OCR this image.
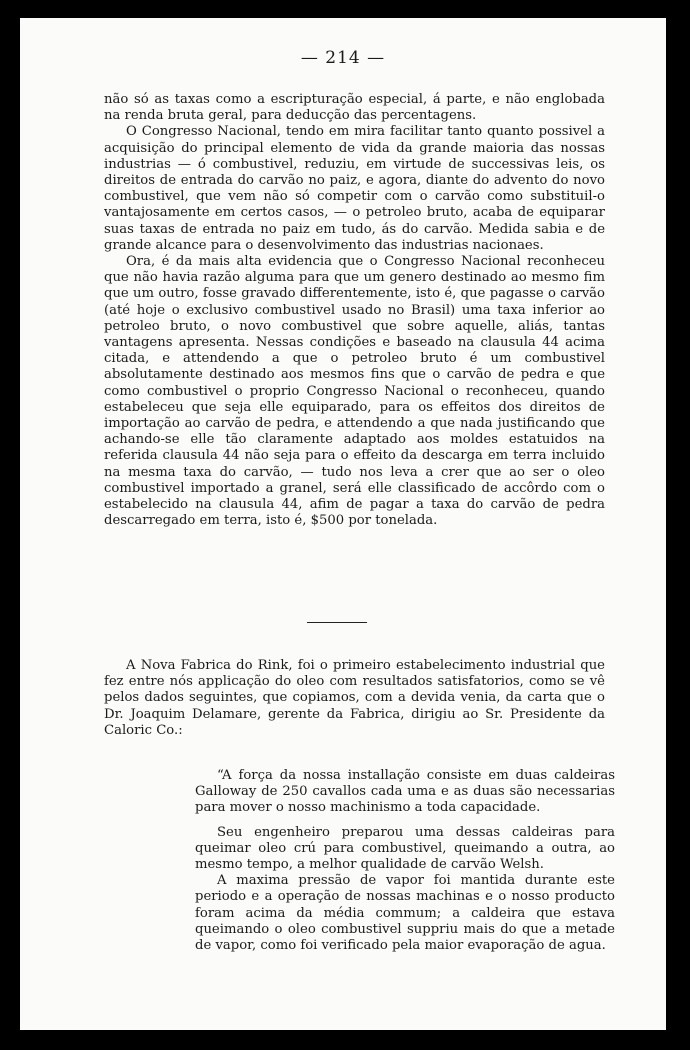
— 214 —

não só as taxas como a escripturação especial, á parte, e não englobada na renda bruta geral, para deducção das percentagens.

O Congresso Nacional, tendo em mira facilitar tanto quanto possivel a acquisição do principal elemento de vida da grande maioria das nossas industrias — ó combustivel, reduziu, em virtude de successivas leis, os direitos de entrada do carvão no paiz, e agora, diante do advento do novo combustivel, que vem não só competir com o carvão como substituil-o vantajosamente em certos casos, — o petroleo bruto, acaba de equiparar suas taxas de entrada no paiz em tudo, ás do carvão. Medida sabia e de grande alcance para o desenvolvimento das industrias nacionaes.

Ora, é da mais alta evidencia que o Congresso Nacional reconheceu que não havia razão alguma para que um genero destinado ao mesmo fim que um outro, fosse gravado differentemente, isto é, que pagasse o carvão (até hoje o exclusivo combustivel usado no Brasil) uma taxa inferior ao petroleo bruto, o novo combustivel que sobre aquelle, aliás, tantas vantagens apresenta. Nessas condições e baseado na clausula 44 acima citada, e attendendo a que o petroleo bruto é um combustivel absolutamente destinado aos mesmos fins que o carvão de pedra e que como combustivel o proprio Congresso Nacional o reconheceu, quando estabeleceu que seja elle equiparado, para os effeitos dos direitos de importação ao carvão de pedra, e attendendo a que nada justificando que achando-se elle tão claramente adaptado aos moldes estatuidos na referida clausula 44 não seja para o effeito da descarga em terra incluido na mesma taxa do carvão, — tudo nos leva a crer que ao ser o oleo combustivel importado a granel, será elle classificado de accôrdo com o estabelecido na clausula 44, afim de pagar a taxa do carvão de pedra descarregado em terra, isto é, $500 por tonelada.

A Nova Fabrica do Rink, foi o primeiro estabelecimento industrial que fez entre nós applicação do oleo com resultados satisfatorios, como se vê pelos dados seguintes, que copiamos, com a devida venia, da carta que o Dr. Joaquim Delamare, gerente da Fabrica, dirigiu ao Sr. Presidente da Caloric Co.:

“A força da nossa installação consiste em duas caldeiras Galloway de 250 cavallos cada uma e as duas são necessarias para mover o nosso machinismo a toda capacidade.

Seu engenheiro preparou uma dessas caldeiras para queimar oleo crú para combustivel, queimando a outra, ao mesmo tempo, a melhor qualidade de carvão Welsh.

A maxima pressão de vapor foi mantida durante este periodo e a operação de nossas machinas e o nosso producto foram acima da média commum; a caldeira que estava queimando o oleo combustivel suppriu mais do que a metade de vapor, como foi verificado pela maior evaporação de agua.
